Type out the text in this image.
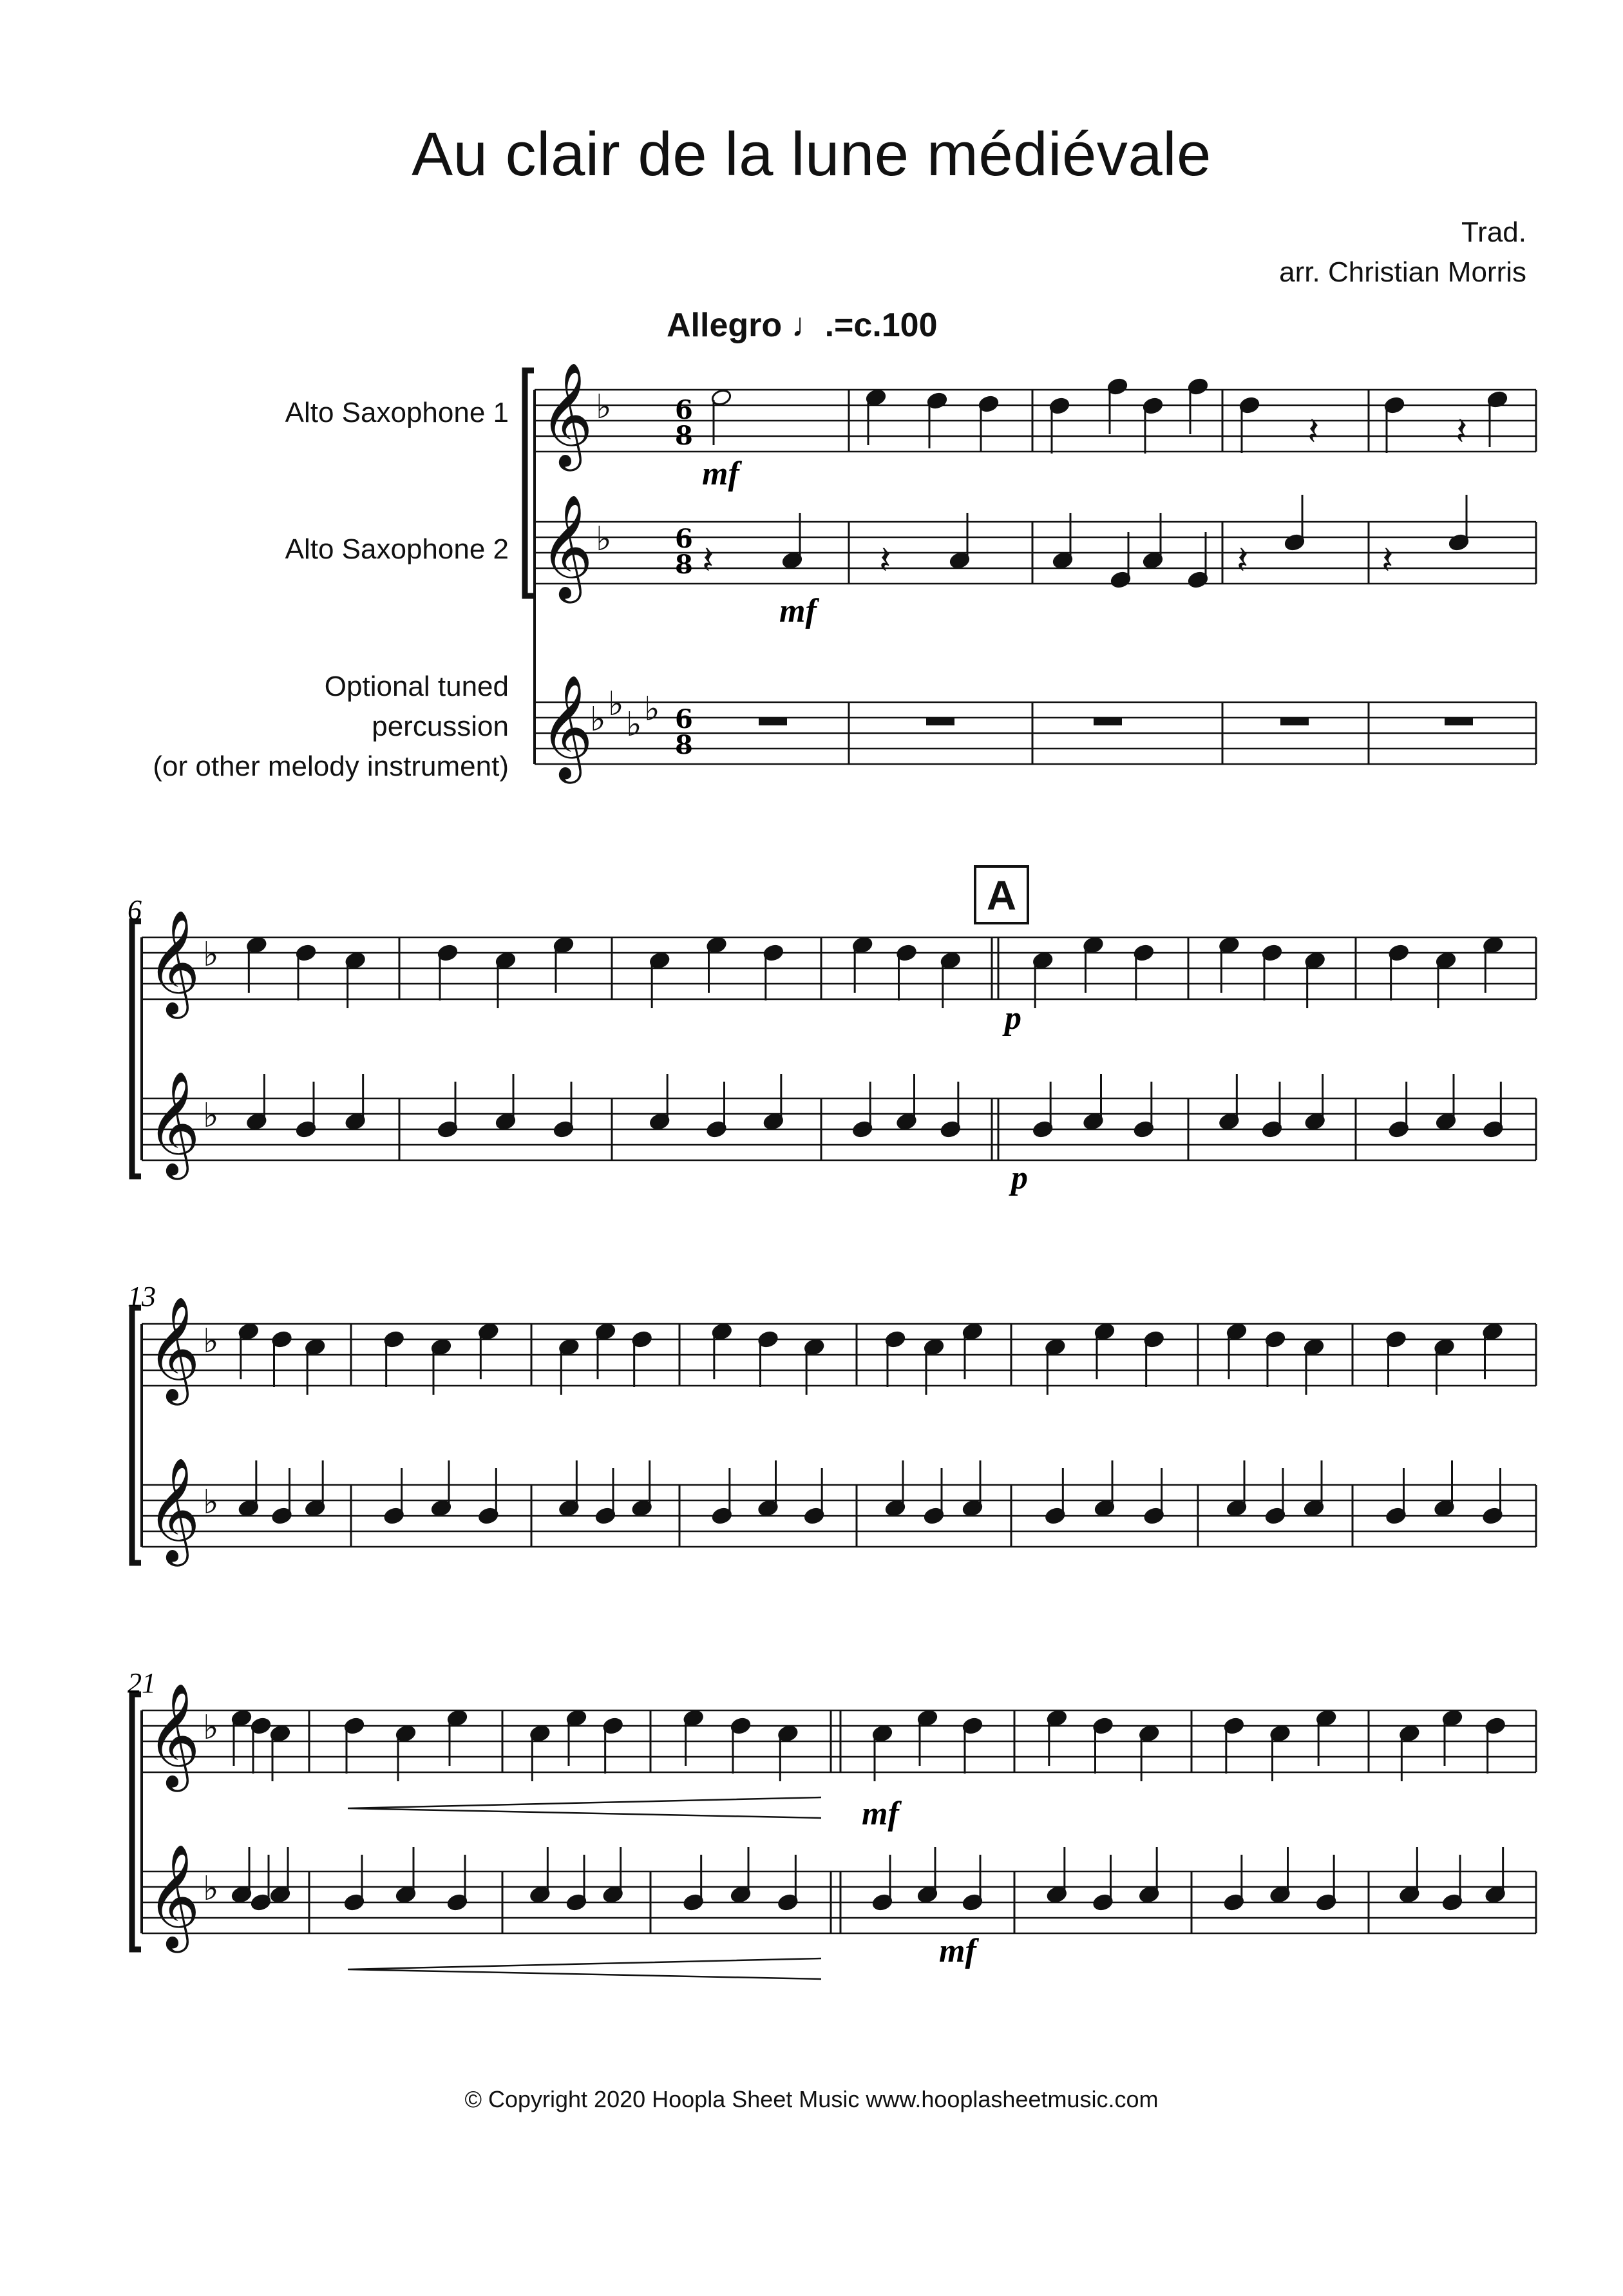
Au clair de la lune médiévale
Trad.
arr. Christian Morris
Allegro ♩.=c.100
Alto Saxophone 1
Alto Saxophone 2
Optional tuned
percussion
(or other melody instrument)
A
𝄞
𝄞
𝄞
♭
♭
♭ ♭
♭ ♭
𝄽	𝄽
𝄽	𝄽	𝄽	𝄽
𝄞 ♭
𝄞 ♭
𝄞 ♭
𝄞 ♭
𝄞 ♭
𝄞 ♭
6
8
6
8
6
8
6
13
21
mf
mf
p
p
mf
mf
© Copyright 2020 Hoopla Sheet Music www.hooplasheetmusic.com
